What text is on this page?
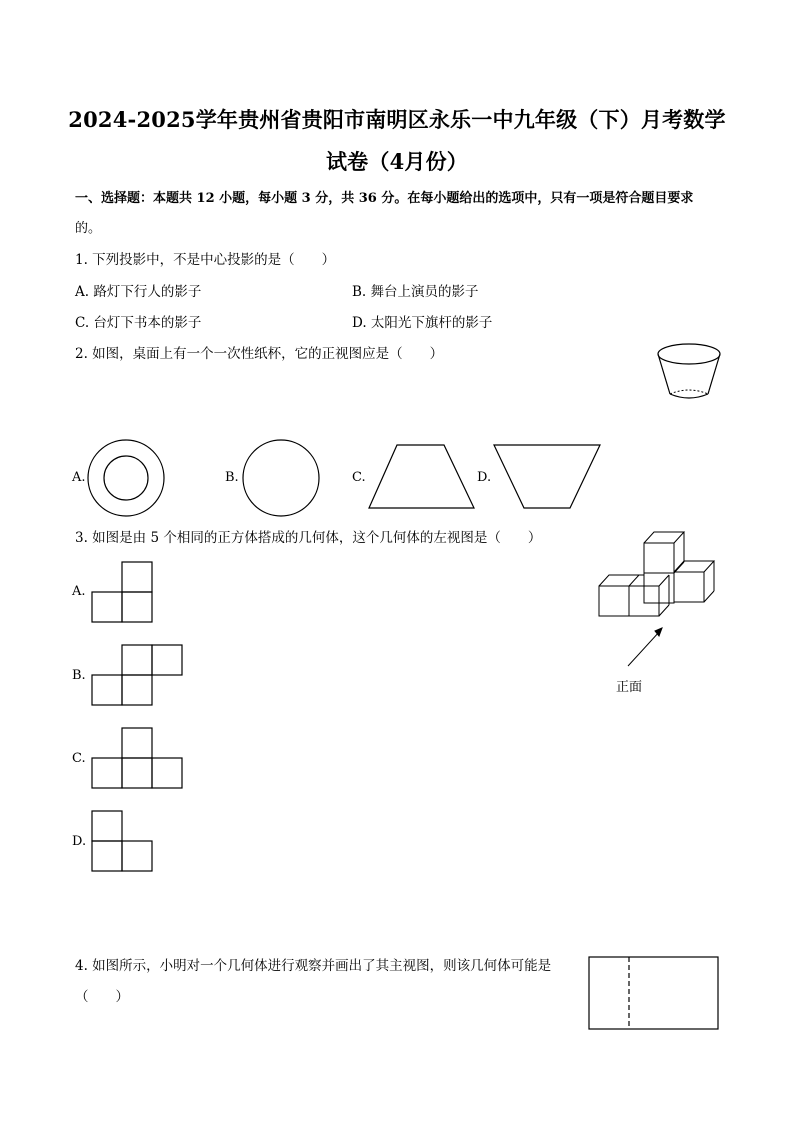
2024-2025学年贵州省贵阳市南明区永乐一中九年级（下）月考数学
试卷（4月份）
一、选择题：本题共 12 小题，每小题 3 分，共 36 分。在每小题给出的选项中，只有一项是符合题目要求
的。
1. 下列投影中，不是中心投影的是（　　）
A. 路灯下行人的影子	B. 舞台上演员的影子
C. 台灯下书本的影子	D. 太阳光下旗杆的影子
2. 如图，桌面上有一个一次性纸杯，它的正视图应是（　　）
A.	B.	C.	D.
3. 如图是由 5 个相同的正方体搭成的几何体，这个几何体的左视图是（　　）
正面
A.
B.
C.
D.
4. 如图所示，小明对一个几何体进行观察并画出了其主视图，则该几何体可能是
（　　）
